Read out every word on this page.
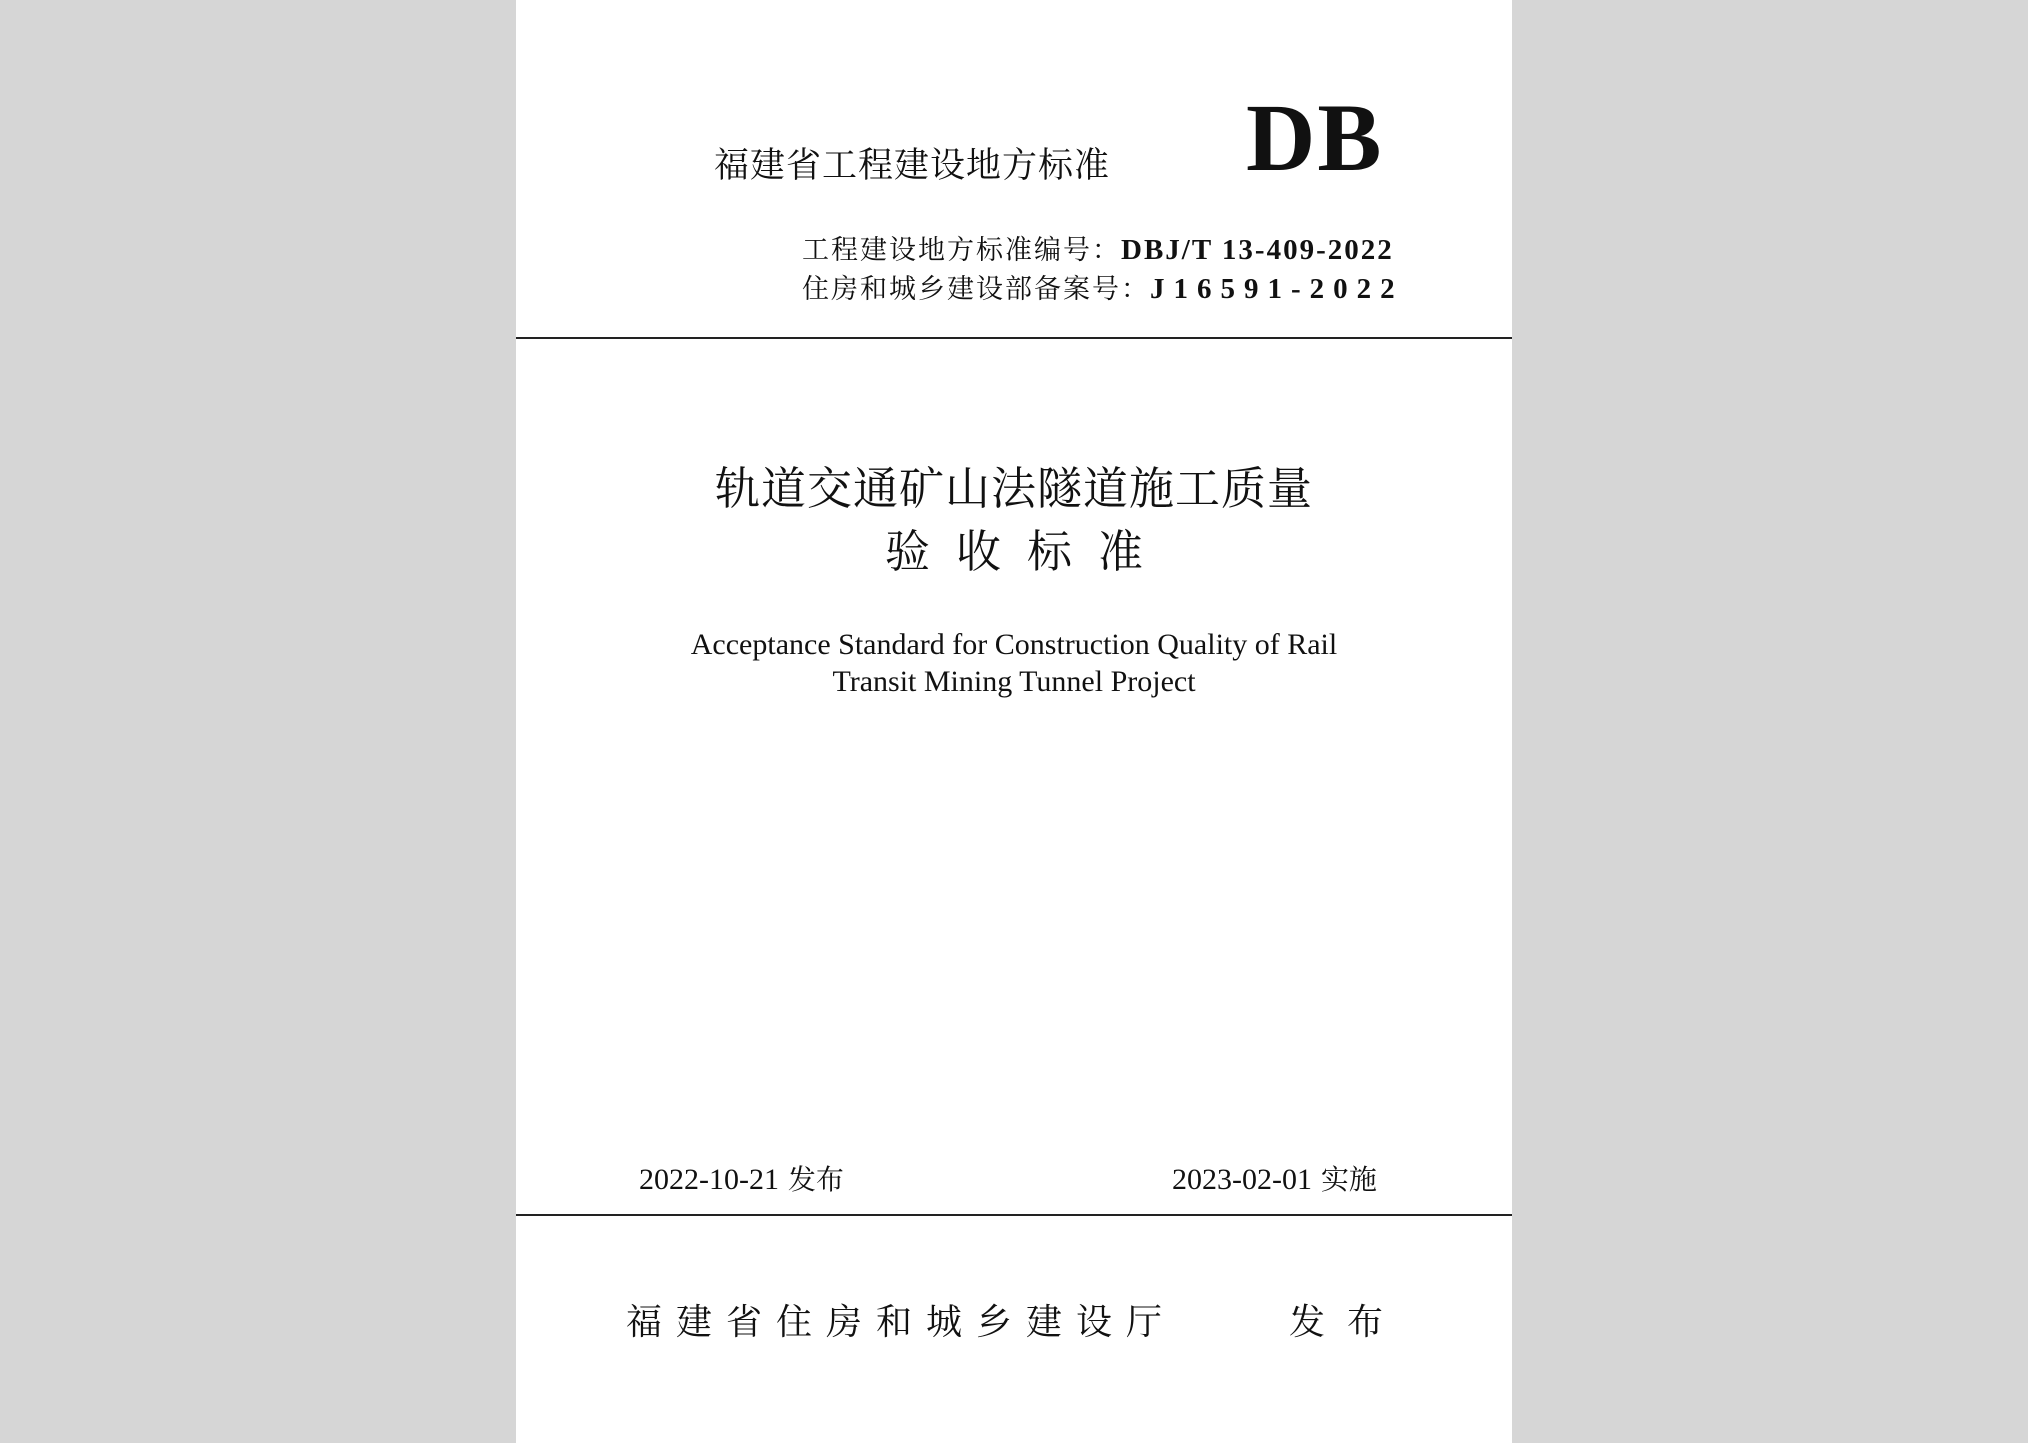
福建省工程建设地方标准 DB

工程建设地方标准编号：DBJ/T 13-409-2022

住房和城乡建设部备案号：J16591-2022

轨道交通矿山法隧道施工质量

验收标准

Acceptance Standard for Construction Quality of Rail

Transit Mining Tunnel Project

2022-10-21 发布	2023-02-01 实施

福建省住房和城乡建设厅	发布
